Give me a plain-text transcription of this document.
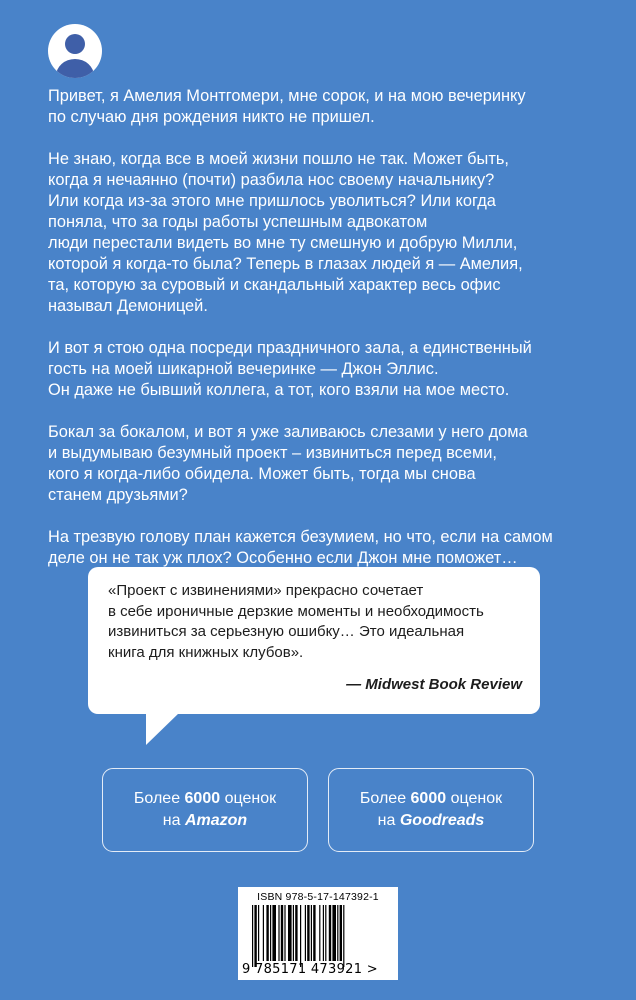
Привет, я Амелия Монтгомери, мне сорок, и на мою вечеринку
по случаю дня рождения никто не пришел.

Не знаю, когда все в моей жизни пошло не так. Может быть,
когда я нечаянно (почти) разбила нос своему начальнику?
Или когда из-за этого мне пришлось уволиться? Или когда
поняла, что за годы работы успешным адвокатом
люди перестали видеть во мне ту смешную и добрую Милли,
которой я когда-то была? Теперь в глазах людей я — Амелия,
та, которую за суровый и скандальный характер весь офис
называл Демоницей.

И вот я стою одна посреди праздничного зала, а единственный
гость на моей шикарной вечеринке — Джон Эллис.
Он даже не бывший коллега, а тот, кого взяли на мое место.

Бокал за бокалом, и вот я уже заливаюсь слезами у него дома
и выдумываю безумный проект – извиниться перед всеми,
кого я когда-либо обидела. Может быть, тогда мы снова
станем друзьями?

На трезвую голову план кажется безумием, но что, если на самом
деле он не так уж плох? Особенно если Джон мне поможет…

«Проект с извинениями» прекрасно сочетает
в себе ироничные дерзкие моменты и необходимость
извиниться за серьезную ошибку… Это идеальная
книга для книжных клубов».

— Midwest Book Review

Более 6000 оценок
на Amazon
Более 6000 оценок
на Goodreads
ISBN 978-5-17-147392-1
9 785171 473921 >
